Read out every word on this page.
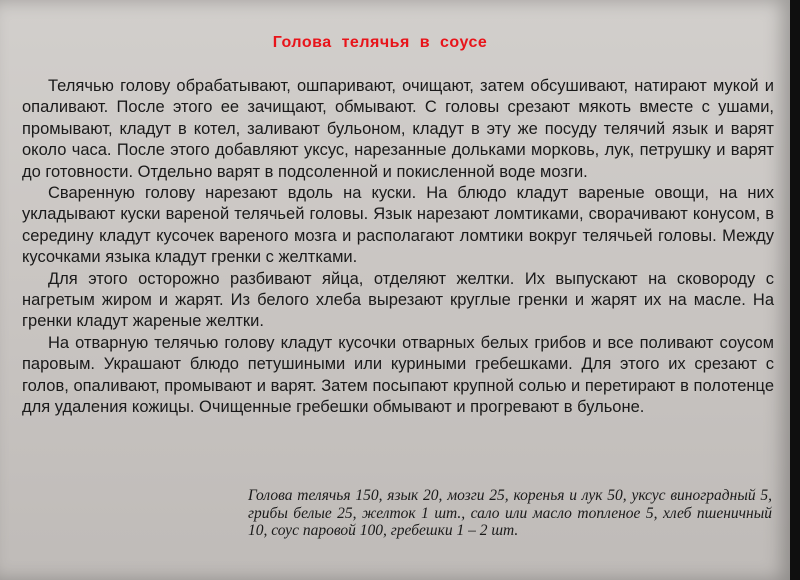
Голова телячья в соусе

Телячью голову обрабатывают, ошпаривают, очищают, затем обсушивают, натирают мукой и опаливают. После этого ее зачищают, обмывают. С головы срезают мякоть вместе с ушами, промывают, кладут в котел, заливают бульоном, кладут в эту же посуду телячий язык и варят около часа. После этого добавляют уксус, нарезанные дольками морковь, лук, петрушку и варят до готовности. Отдельно варят в подсоленной и покисленной воде мозги.

Сваренную голову нарезают вдоль на куски. На блюдо кладут вареные овощи, на них укладывают куски вареной телячьей головы. Язык нарезают ломтиками, сворачивают конусом, в середину кладут кусочек вареного мозга и располагают ломтики вокруг телячьей головы. Между кусочками языка кладут гренки с желтками.

Для этого осторожно разбивают яйца, отделяют желтки. Их выпускают на сковороду с нагретым жиром и жарят. Из белого хлеба вырезают круглые гренки и жарят их на масле. На гренки кладут жареные желтки.

На отварную телячью голову кладут кусочки отварных белых грибов и все поливают соусом паровым. Украшают блюдо петушиными или куриными гребешками. Для этого их срезают с голов, опаливают, промывают и варят. Затем посыпают крупной солью и перетирают в полотенце для удаления кожицы. Очищенные гребешки обмывают и прогревают в бульоне.

Голова телячья 150, язык 20, мозги 25, коренья и лук 50, уксус виноградный 5, грибы белые 25, желток 1 шт., сало или масло топленое 5, хлеб пшеничный 10, соус паровой 100, гребешки 1 – 2 шт.
